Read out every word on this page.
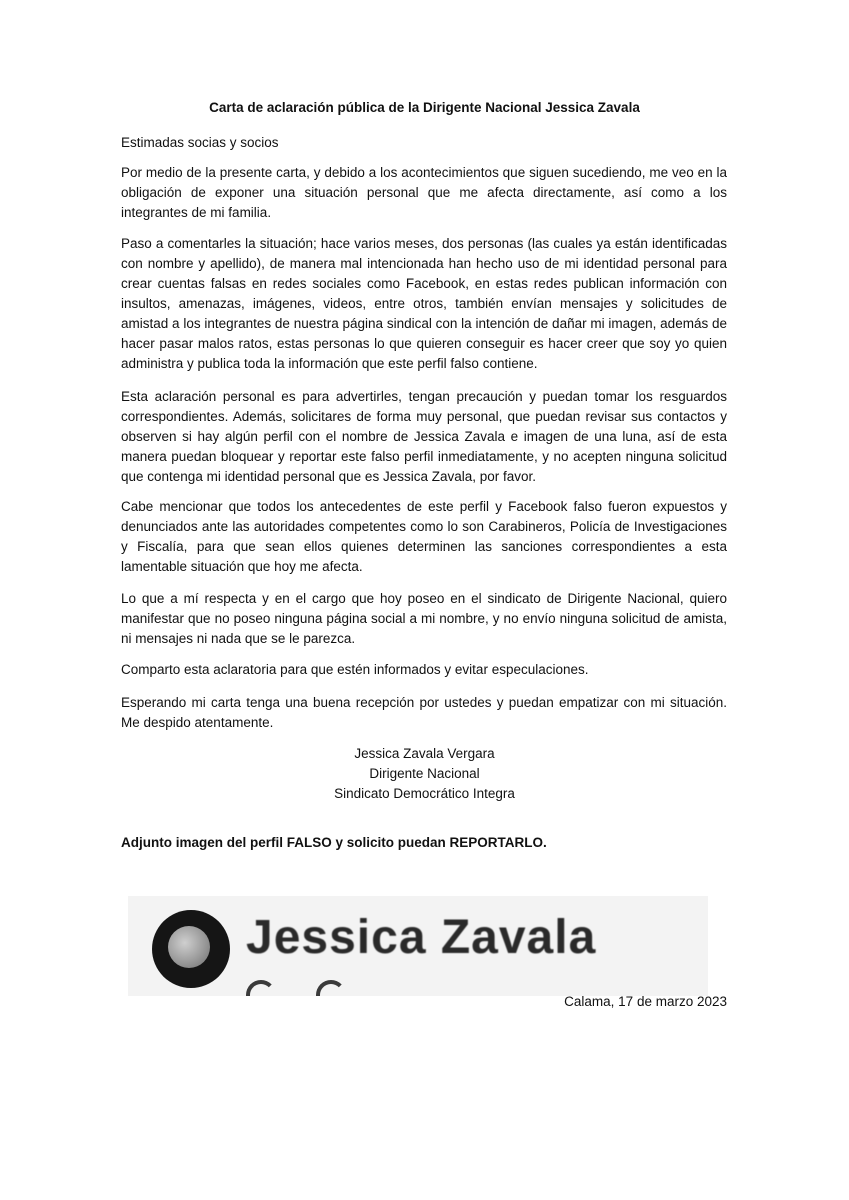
Carta de aclaración pública de la Dirigente Nacional Jessica Zavala

Estimadas socias y socios

Por medio de la presente carta, y debido a los acontecimientos que siguen sucediendo, me veo en la obligación de exponer una situación personal que me afecta directamente, así como a los integrantes de mi familia.

Paso a comentarles la situación; hace varios meses, dos personas (las cuales ya están identificadas con nombre y apellido), de manera mal intencionada han hecho uso de mi identidad personal para crear cuentas falsas en redes sociales como Facebook, en estas redes publican información con insultos, amenazas, imágenes, videos, entre otros, también envían mensajes y solicitudes de amistad a los integrantes de nuestra página sindical con la intención de dañar mi imagen, además de hacer pasar malos ratos, estas personas lo que quieren conseguir es hacer creer que soy yo quien administra y publica toda la información que este perfil falso contiene.

Esta aclaración personal es para advertirles, tengan precaución y puedan tomar los resguardos correspondientes. Además, solicitares de forma muy personal, que puedan revisar sus contactos y observen si hay algún perfil con el nombre de Jessica Zavala e imagen de una luna, así de esta manera puedan bloquear y reportar este falso perfil inmediatamente, y no acepten ninguna solicitud que contenga mi identidad personal que es Jessica Zavala, por favor.

Cabe mencionar que todos los antecedentes de este perfil y Facebook falso fueron expuestos y denunciados ante las autoridades competentes como lo son Carabineros, Policía de Investigaciones y Fiscalía, para que sean ellos quienes determinen las sanciones correspondientes a esta lamentable situación que hoy me afecta.

Lo que a mí respecta y en el cargo que hoy poseo en el sindicato de Dirigente Nacional, quiero manifestar que no poseo ninguna página social a mi nombre, y no envío ninguna solicitud de amista, ni mensajes ni nada que se le parezca.

Comparto esta aclaratoria para que estén informados y evitar especulaciones.

Esperando mi carta tenga una buena recepción por ustedes y puedan empatizar con mi situación. Me despido atentamente.

Jessica Zavala Vergara
Dirigente Nacional
Sindicato Democrático Integra
Adjunto imagen del perfil FALSO y solicito puedan REPORTARLO.
Jessica Zavala
Calama, 17 de marzo 2023
